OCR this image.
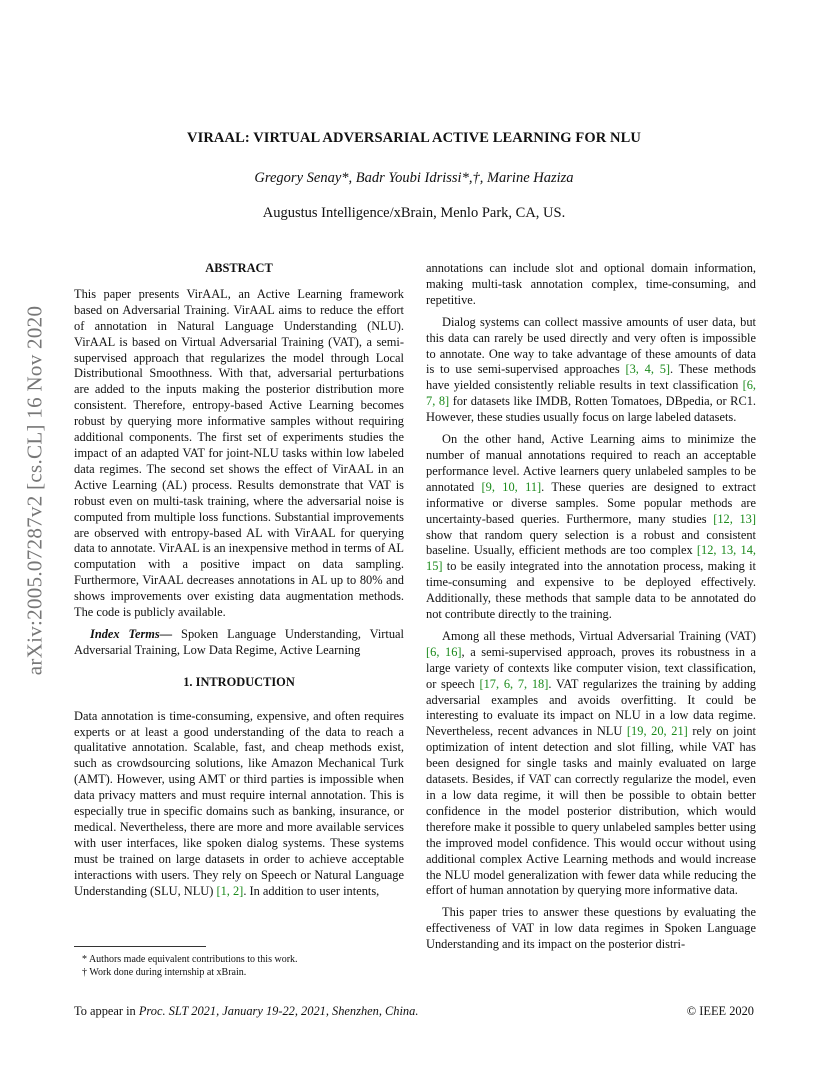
arXiv:2005.07287v2 [cs.CL] 16 Nov 2020
VIRAAL: VIRTUAL ADVERSARIAL ACTIVE LEARNING FOR NLU
Gregory Senay*, Badr Youbi Idrissi*,†, Marine Haziza
Augustus Intelligence/xBrain, Menlo Park, CA, US.
ABSTRACT

This paper presents VirAAL, an Active Learning framework based on Adversarial Training. VirAAL aims to reduce the effort of annotation in Natural Language Understanding (NLU). VirAAL is based on Virtual Adversarial Training (VAT), a semi-supervised approach that regularizes the model through Local Distributional Smoothness. With that, adversarial perturbations are added to the inputs making the posterior distribution more consistent. Therefore, entropy-based Active Learning becomes robust by querying more informative samples without requiring additional components. The first set of experiments studies the impact of an adapted VAT for joint-NLU tasks within low labeled data regimes. The second set shows the effect of VirAAL in an Active Learning (AL) process. Results demonstrate that VAT is robust even on multi-task training, where the adversarial noise is computed from multiple loss functions. Substantial improvements are observed with entropy-based AL with VirAAL for querying data to annotate. VirAAL is an inexpensive method in terms of AL computation with a positive impact on data sampling. Furthermore, VirAAL decreases annotations in AL up to 80% and shows improvements over existing data augmentation methods. The code is publicly available.

Index Terms— Spoken Language Understanding, Virtual Adversarial Training, Low Data Regime, Active Learning

1. INTRODUCTION

Data annotation is time-consuming, expensive, and often requires experts or at least a good understanding of the data to reach a qualitative annotation. Scalable, fast, and cheap methods exist, such as crowdsourcing solutions, like Amazon Mechanical Turk (AMT). However, using AMT or third parties is impossible when data privacy matters and must require internal annotation. This is especially true in specific domains such as banking, insurance, or medical. Nevertheless, there are more and more available services with user interfaces, like spoken dialog systems. These systems must be trained on large datasets in order to achieve acceptable interactions with users. They rely on Speech or Natural Language Understanding (SLU, NLU) [1, 2]. In addition to user intents,

annotations can include slot and optional domain information, making multi-task annotation complex, time-consuming, and repetitive.

Dialog systems can collect massive amounts of user data, but this data can rarely be used directly and very often is impossible to annotate. One way to take advantage of these amounts of data is to use semi-supervised approaches [3, 4, 5]. These methods have yielded consistently reliable results in text classification [6, 7, 8] for datasets like IMDB, Rotten Tomatoes, DBpedia, or RC1. However, these studies usually focus on large labeled datasets.

On the other hand, Active Learning aims to minimize the number of manual annotations required to reach an acceptable performance level. Active learners query unlabeled samples to be annotated [9, 10, 11]. These queries are designed to extract informative or diverse samples. Some popular methods are uncertainty-based queries. Furthermore, many studies [12, 13] show that random query selection is a robust and consistent baseline. Usually, efficient methods are too complex [12, 13, 14, 15] to be easily integrated into the annotation process, making it time-consuming and expensive to be deployed effectively. Additionally, these methods that sample data to be annotated do not contribute directly to the training.

Among all these methods, Virtual Adversarial Training (VAT) [6, 16], a semi-supervised approach, proves its robustness in a large variety of contexts like computer vision, text classification, or speech [17, 6, 7, 18]. VAT regularizes the training by adding adversarial examples and avoids overfitting. It could be interesting to evaluate its impact on NLU in a low data regime. Nevertheless, recent advances in NLU [19, 20, 21] rely on joint optimization of intent detection and slot filling, while VAT has been designed for single tasks and mainly evaluated on large datasets. Besides, if VAT can correctly regularize the model, even in a low data regime, it will then be possible to obtain better confidence in the model posterior distribution, which would therefore make it possible to query unlabeled samples better using the improved model confidence. This would occur without using additional complex Active Learning methods and would increase the NLU model generalization with fewer data while reducing the effort of human annotation by querying more informative data.

This paper tries to answer these questions by evaluating the effectiveness of VAT in low data regimes in Spoken Language Understanding and its impact on the posterior distri-

* Authors made equivalent contributions to this work.
† Work done during internship at xBrain.
To appear in Proc. SLT 2021, January 19-22, 2021, Shenzhen, China.	© IEEE 2020
